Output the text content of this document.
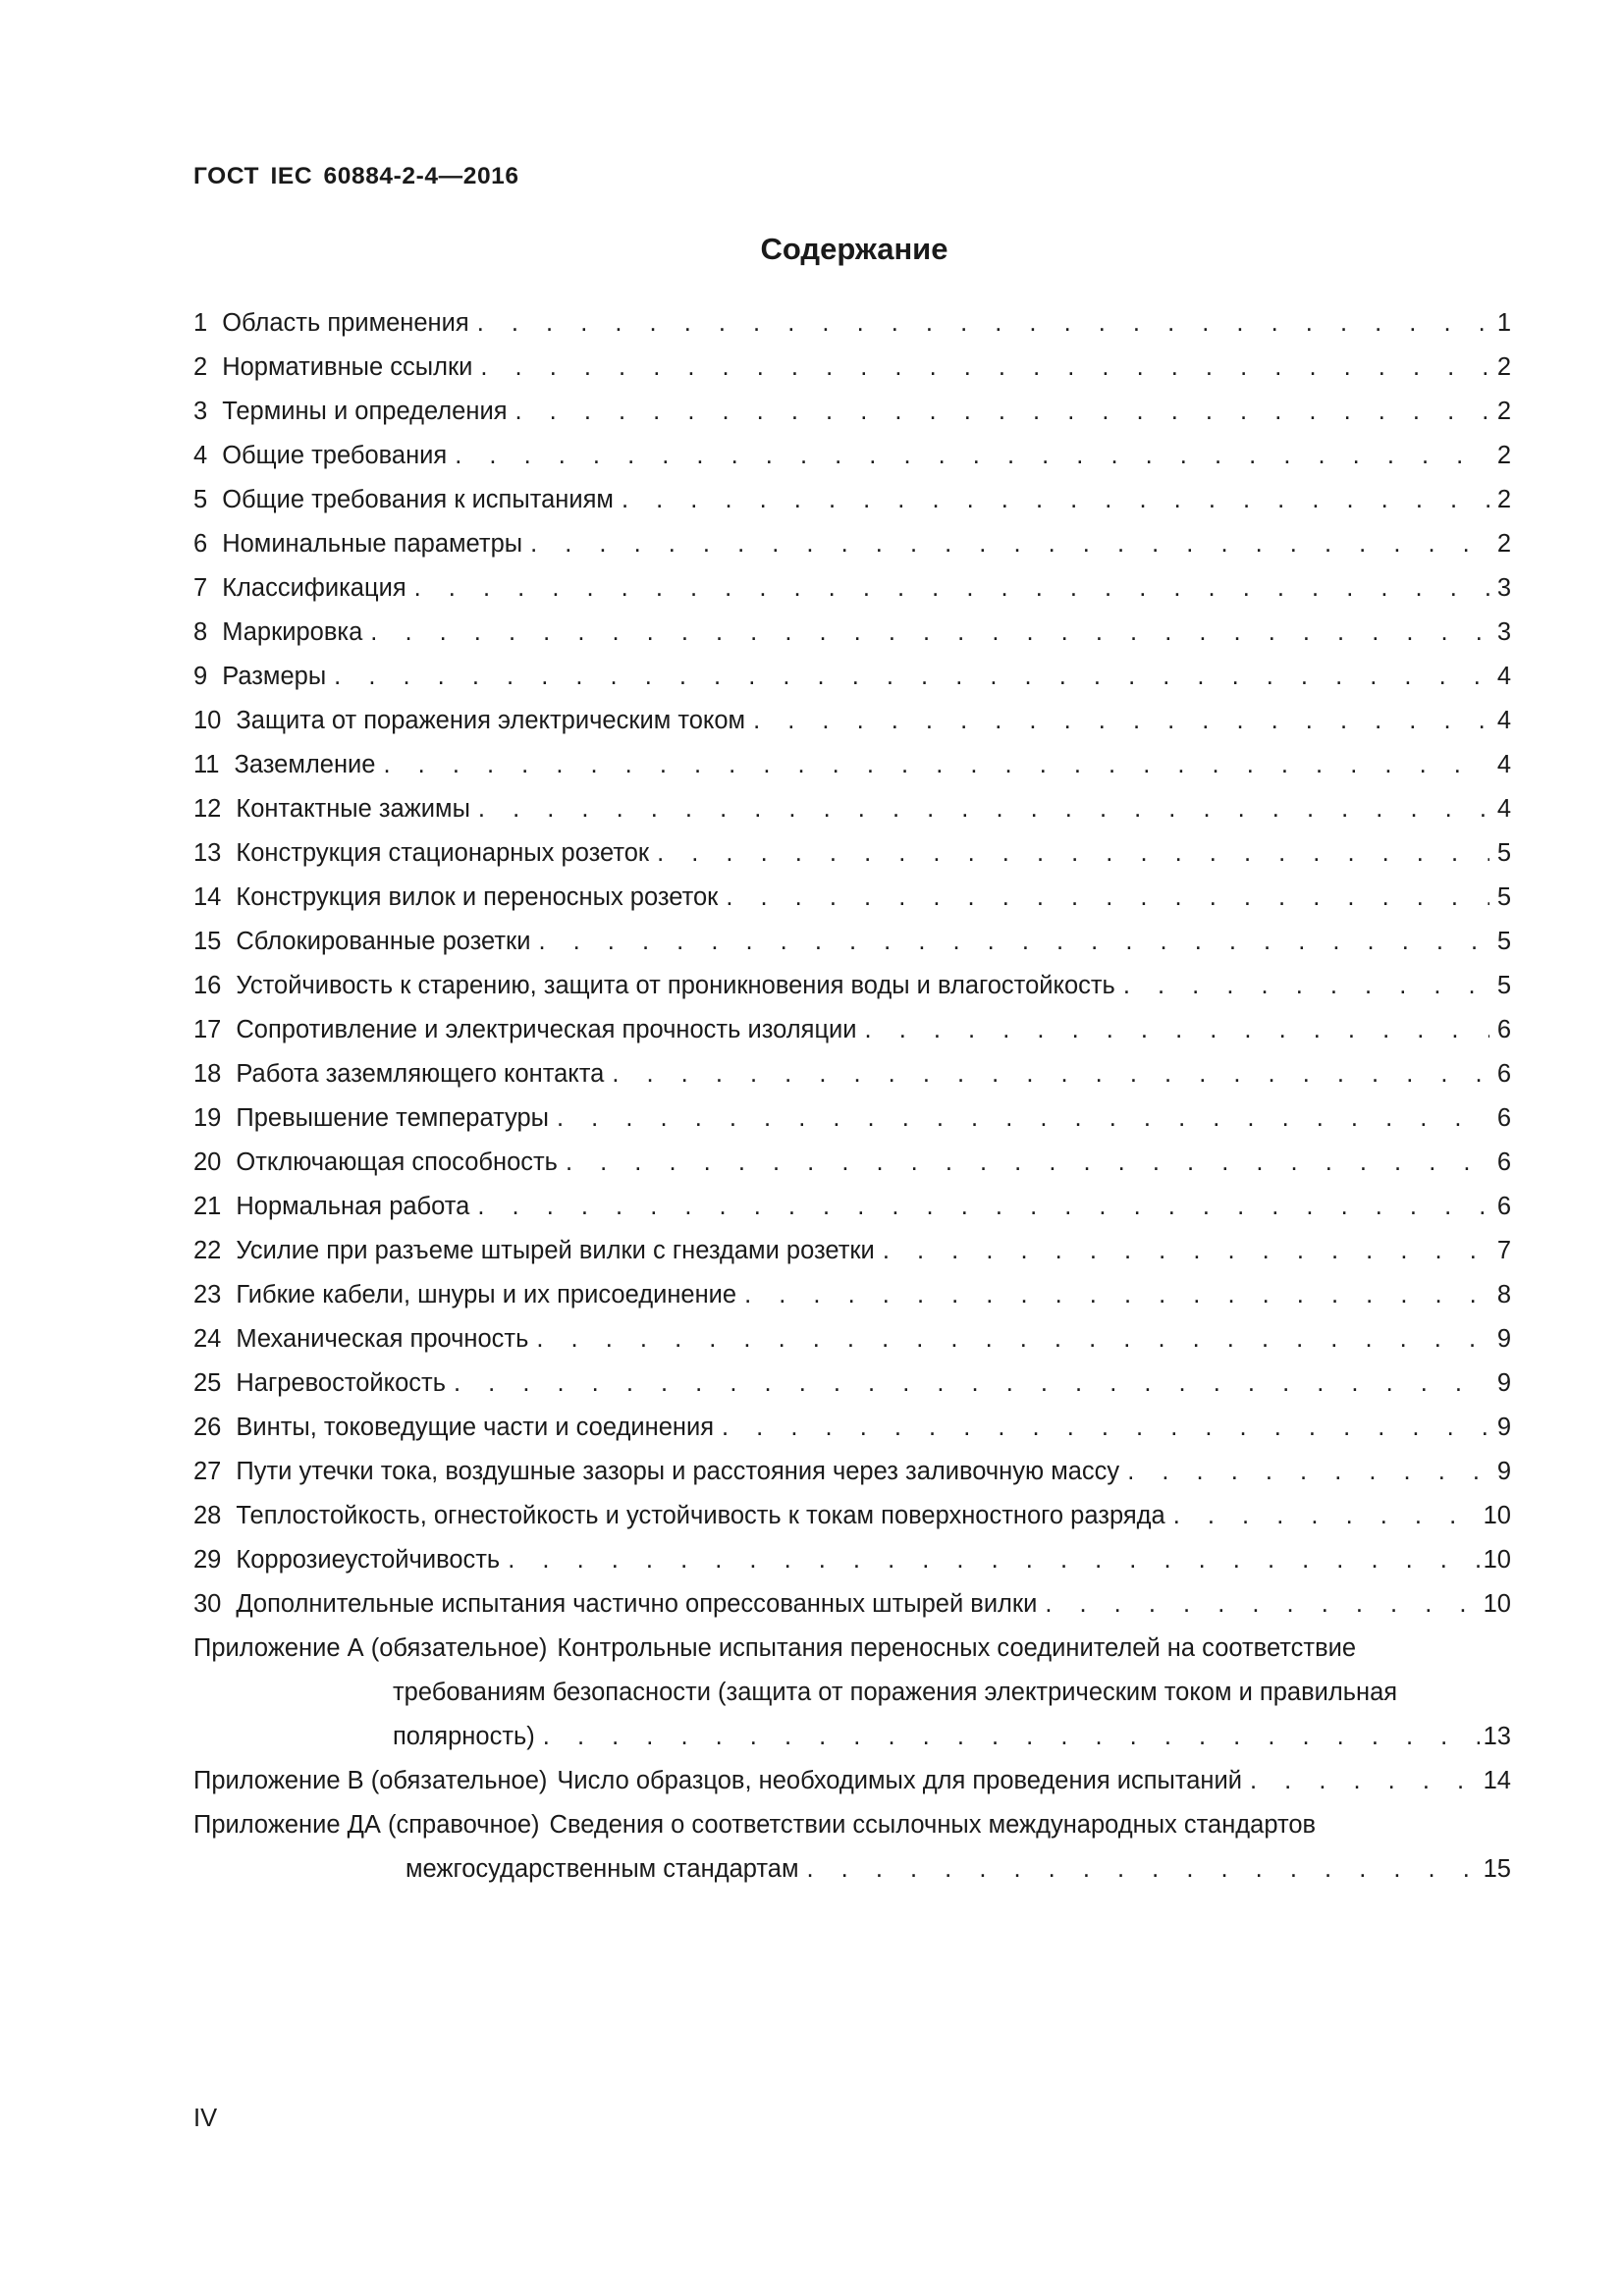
ГОСТ IEC 60884-2-4—2016
Содержание
1 Область применения . . .	1
2 Нормативные ссылки . . .	2
3 Термины и определения . . .	2
4 Общие требования . . .	2
5 Общие требования к испытаниям . . .	2
6 Номинальные параметры . . .	2
7 Классификация . . .	3
8 Маркировка . . .	3
9 Размеры . . .	4
10 Защита от поражения электрическим током . . .	4
11 Заземление . . .	4
12 Контактные зажимы . . .	4
13 Конструкция стационарных розеток . . .	5
14 Конструкция вилок и переносных розеток . . .	5
15 Сблокированные розетки . . .	5
16 Устойчивость к старению, защита от проникновения воды и влагостойкость . . .	5
17 Сопротивление и электрическая прочность изоляции . . .	6
18 Работа заземляющего контакта . . .	6
19 Превышение температуры . . .	6
20 Отключающая способность . . .	6
21 Нормальная работа . . .	6
22 Усилие при разъеме штырей вилки с гнездами розетки . . .	7
23 Гибкие кабели, шнуры и их присоединение . . .	8
24 Механическая прочность . . .	9
25 Нагревостойкость . . .	9
26 Винты, токоведущие части и соединения . . .	9
27 Пути утечки тока, воздушные зазоры и расстояния через заливочную массу . . .	9
28 Теплостойкость, огнестойкость и устойчивость к токам поверхностного разряда . . .	10
29 Коррозиеустойчивость . . .	10
30 Дополнительные испытания частично опрессованных штырей вилки . . .	10
Приложение А (обязательное) Контрольные испытания переносных соединителей на соответствие
требованиям безопасности (защита от поражения электрическим током и правильная
полярность) . . .	13
Приложение В (обязательное) Число образцов, необходимых для проведения испытаний . . .	14
Приложение ДА (справочное) Сведения о соответствии ссылочных международных стандартов
межгосударственным стандартам . . .	15
IV
